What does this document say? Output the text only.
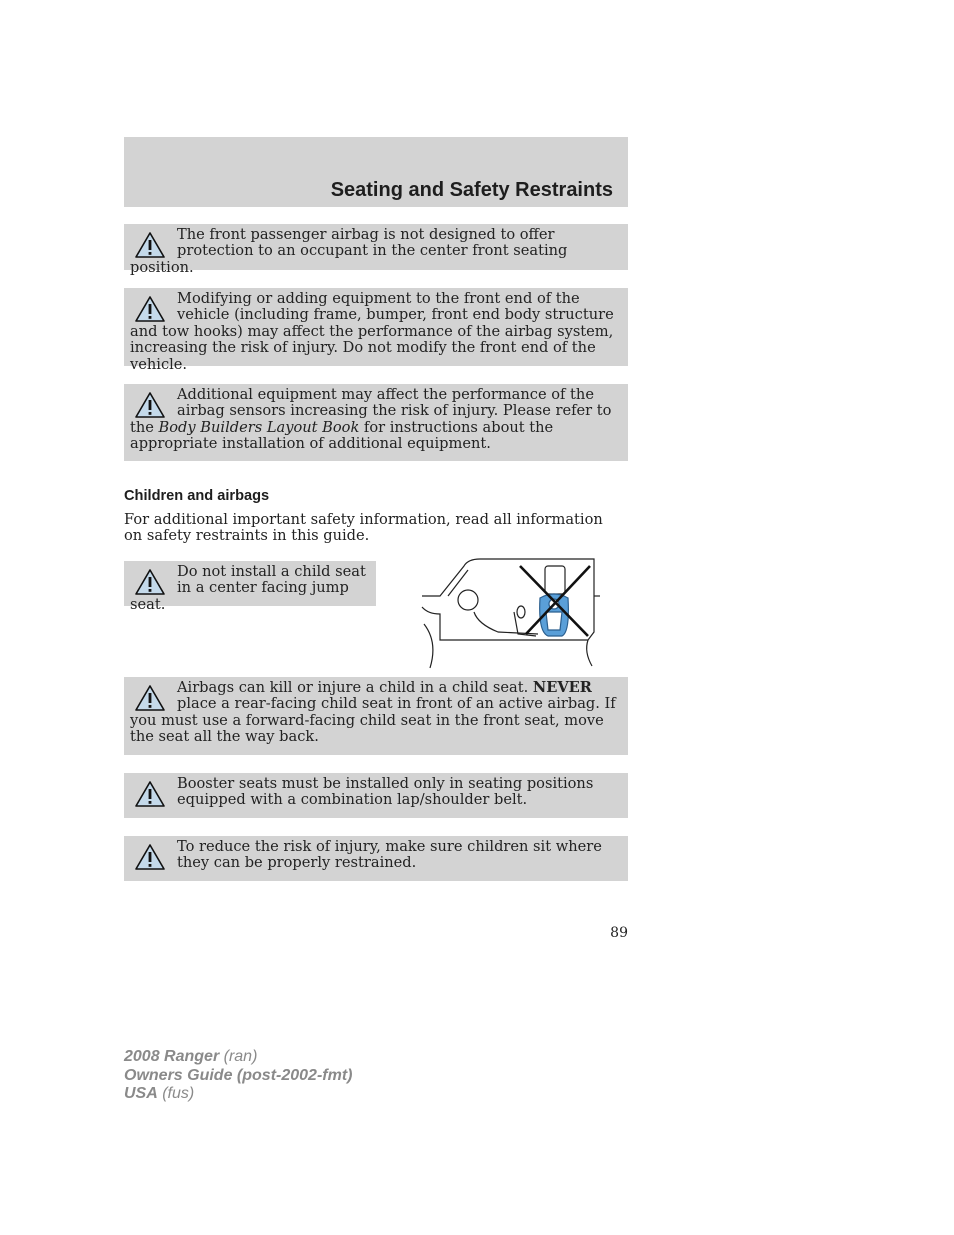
Seating and Safety Restraints

The front passenger airbag is not designed to offer protection to an occupant in the center front seating position.

Modifying or adding equipment to the front end of the vehicle (including frame, bumper, front end body structure and tow hooks) may affect the performance of the airbag system, increasing the risk of injury. Do not modify the front end of the vehicle.

Additional equipment may affect the performance of the airbag sensors increasing the risk of injury. Please refer to the Body Builders Layout Book for instructions about the appropriate installation of additional equipment.

Children and airbags

For additional important safety information, read all information on safety restraints in this guide.

Do not install a child seat in a center facing jump seat.

Airbags can kill or injure a child in a child seat. NEVER place a rear-facing child seat in front of an active airbag. If you must use a forward-facing child seat in the front seat, move the seat all the way back.

Booster seats must be installed only in seating positions equipped with a combination lap/shoulder belt.

To reduce the risk of injury, make sure children sit where they can be properly restrained.

89
2008 Ranger (ran)
Owners Guide (post-2002-fmt)
USA (fus)
